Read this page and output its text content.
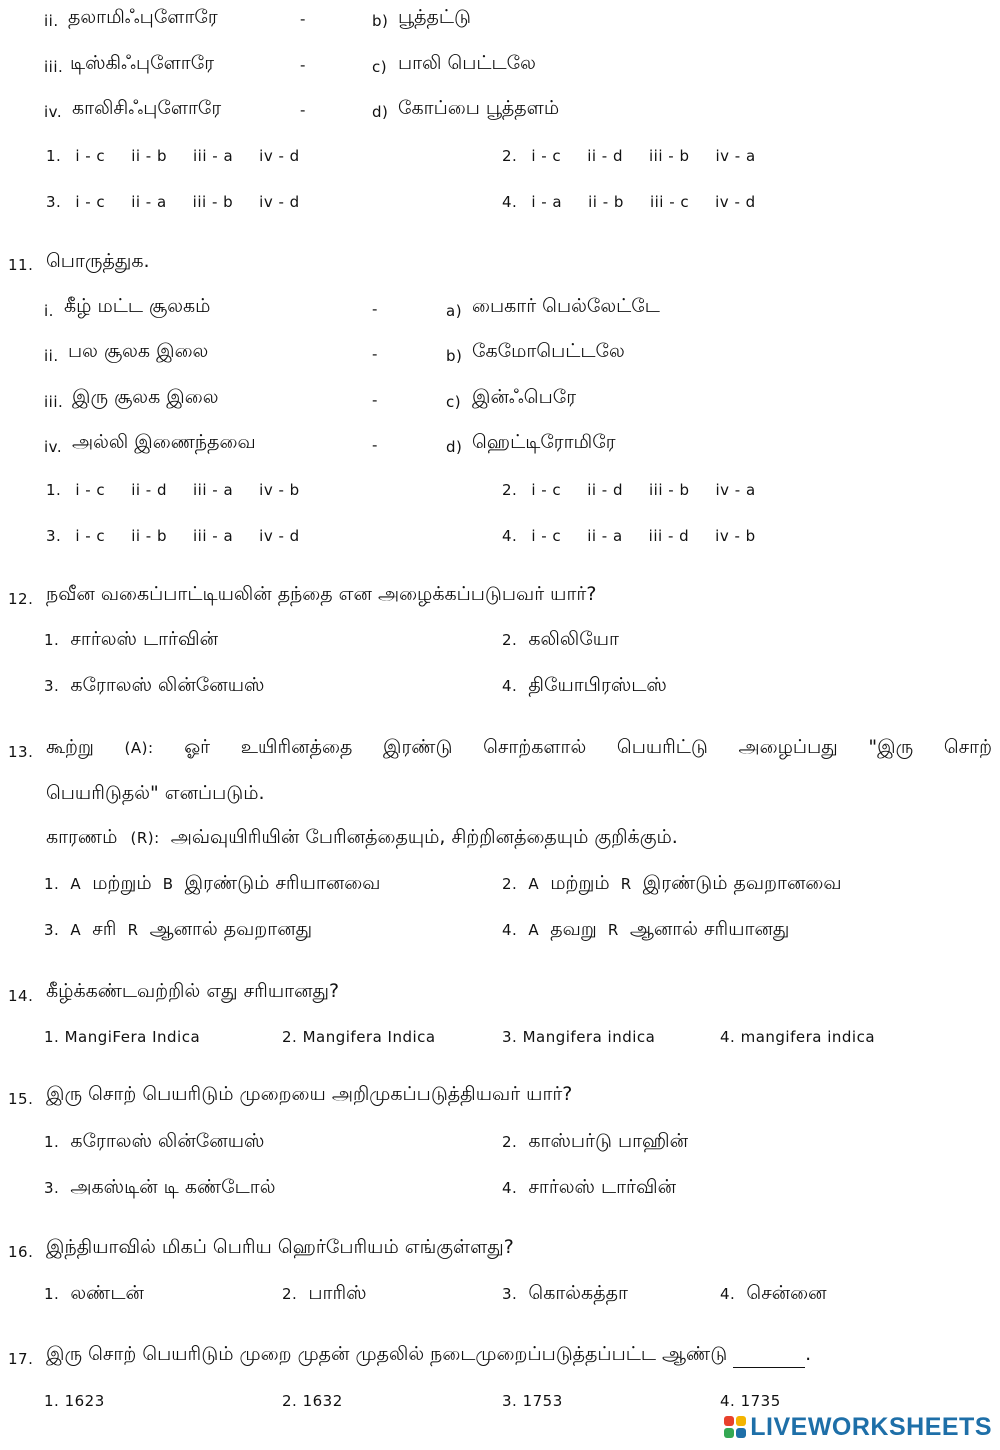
ii. தலாமிஃபுளோரே	-	b) பூத்தட்டு
iii. டிஸ்கிஃபுளோரே	-	c) பாலி பெட்டலே
iv. காலிசிஃபுளோரே	-	d) கோப்பை பூத்தளம்
1. i - c ii - b iii - a iv - d	2. i - c ii - d iii - b iv - a
3. i - c ii - a iii - b iv - d	4. i - a ii - b iii - c iv - d
11. பொருத்துக.
i. கீழ் மட்ட சூலகம்	-	a) பைகார் பெல்லேட்டே
ii. பல சூலக இலை	-	b) கேமோபெட்டலே
iii. இரு சூலக இலை	-	c) இன்ஃபெரே
iv. அல்லி இணைந்தவை	-	d) ஹெட்டிரோமிரே
1. i - c ii - d iii - a iv - b	2. i - c ii - d iii - b iv - a
3. i - c ii - b iii - a iv - d	4. i - c ii - a iii - d iv - b
12. நவீன வகைப்பாட்டியலின் தந்தை என அழைக்கப்படுபவர் யார்?
1. சார்லஸ் டார்வின்	2. கலிலியோ
3. கரோலஸ் லின்னேயஸ்	4. தியோபிரஸ்டஸ்
13. கூற்று (A): ஓர் உயிரினத்தை இரண்டு சொற்களால் பெயரிட்டு அழைப்பது "இரு சொற்
பெயரிடுதல்" எனப்படும்.
காரணம் (R): அவ்வுயிரியின் பேரினத்தையும், சிற்றினத்தையும் குறிக்கும்.
1. A மற்றும் B இரண்டும் சரியானவை	2. A மற்றும் R இரண்டும் தவறானவை
3. A சரி R ஆனால் தவறானது	4. A தவறு R ஆனால் சரியானது
14. கீழ்க்கண்டவற்றில் எது சரியானது?
1. MangiFera Indica	2. Mangifera Indica	3. Mangifera indica	4. mangifera indica
15. இரு சொற் பெயரிடும் முறையை அறிமுகப்படுத்தியவர் யார்?
1. கரோலஸ் லின்னேயஸ்	2. காஸ்பர்டு பாஹின்
3. அகஸ்டின் டி கண்டோல்	4. சார்லஸ் டார்வின்
16. இந்தியாவில் மிகப் பெரிய ஹெர்பேரியம் எங்குள்ளது?
1. லண்டன்	2. பாரிஸ்	3. கொல்கத்தா	4. சென்னை
17. இரு சொற் பெயரிடும் முறை முதன் முதலில் நடைமுறைப்படுத்தப்பட்ட ஆண்டு	.
1. 1623	2. 1632	3. 1753	4. 1735
LIVEWORKSHEETS
